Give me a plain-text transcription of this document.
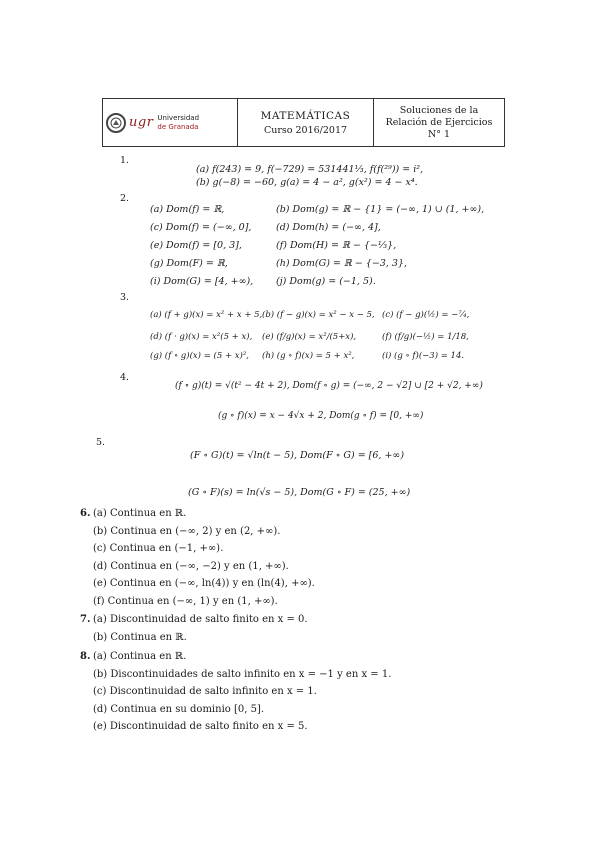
ugr Universidad
de Granada
MATEMÁTICAS
Curso 2016/2017
Soluciones de la
Relación de Ejercicios
N° 1
1.
(a) f(243) = 9, f(−729) = 531441¹⁄₃, f(f(²⁹)) = i²,
(b) g(−8) = −60, g(a) = 4 − a², g(x²) = 4 − x⁴.
2.
(a) Dom(f) = ℝ,	(b) Dom(g) = ℝ − {1} = (−∞, 1) ∪ (1, +∞),
(c) Dom(f) = (−∞, 0],	(d) Dom(h) = (−∞, 4],
(e) Dom(f) = [0, 3],	(f) Dom(H) = ℝ − {−⅓},
(g) Dom(F) = ℝ,	(h) Dom(G) = ℝ − {−3, 3},
(i) Dom(G) = [4, +∞), (j) Dom(g) = (−1, 5).
3.
(a) (f + g)(x) = x² + x + 5, (b) (f − g)(x) = x² − x − 5, (c) (f − g)(½) = −⁷⁄₄,
(d) (f · g)(x) = x²(5 + x), (e) (f/g)(x) = x²/(5+x),	(f) (f/g)(−½) = 1/18,
(g) (f ∘ g)(x) = (5 + x)², (h) (g ∘ f)(x) = 5 + x²,	(i) (g ∘ f)(−3) = 14.
4.
(f ∘ g)(t) = √(t² − 4t + 2), Dom(f ∘ g) = (−∞, 2 − √2] ∪ [2 + √2, +∞)
(g ∘ f)(x) = x − 4√x + 2, Dom(g ∘ f) = [0, +∞)
5.
(F ∘ G)(t) = √ln(t − 5), Dom(F ∘ G) = [6, +∞)
(G ∘ F)(s) = ln(√s − 5), Dom(G ∘ F) = (25, +∞)
6. (a) Continua en ℝ.
(b) Continua en (−∞, 2) y en (2, +∞).
(c) Continua en (−1, +∞).
(d) Continua en (−∞, −2) y en (1, +∞).
(e) Continua en (−∞, ln(4)) y en (ln(4), +∞).
(f) Continua en (−∞, 1) y en (1, +∞).
7. (a) Discontinuidad de salto finito en x = 0.
(b) Continua en ℝ.
8. (a) Continua en ℝ.
(b) Discontinuidades de salto infinito en x = −1 y en x = 1.
(c) Discontinuidad de salto infinito en x = 1.
(d) Continua en su dominio [0, 5].
(e) Discontinuidad de salto finito en x = 5.
